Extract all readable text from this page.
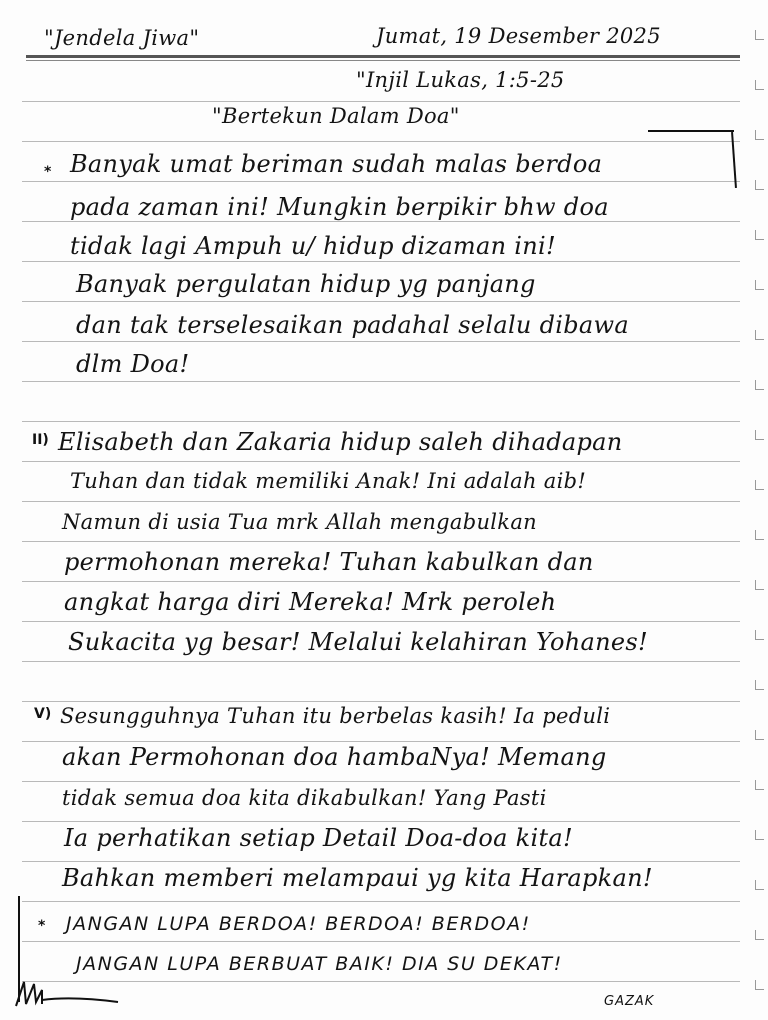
"Jendela Jiwa"	Jumat, 19 Desember 2025
"Injil Lukas, 1:5-25
"Bertekun Dalam Doa"
* Banyak umat beriman sudah malas berdoa
pada zaman ini! Mungkin berpikir bhw doa
tidak lagi Ampuh u/ hidup dizaman ini!
Banyak pergulatan hidup yg panjang
dan tak terselesaikan padahal selalu dibawa
dlm Doa!
II) Elisabeth dan Zakaria hidup saleh dihadapan
Tuhan dan tidak memiliki Anak! Ini adalah aib!
Namun di usia Tua mrk Allah mengabulkan
permohonan mereka! Tuhan kabulkan dan
angkat harga diri Mereka! Mrk peroleh
Sukacita yg besar! Melalui kelahiran Yohanes!
V) Sesungguhnya Tuhan itu berbelas kasih! Ia peduli
akan Permohonan doa hambaNya! Memang
tidak semua doa kita dikabulkan! Yang Pasti
Ia perhatikan setiap Detail Doa-doa kita!
Bahkan memberi melampaui yg kita Harapkan!
* JANGAN LUPA BERDOA! BERDOA! BERDOA!
JANGAN LUPA BERBUAT BAIK! DIA SU DEKAT!
GAZAK
